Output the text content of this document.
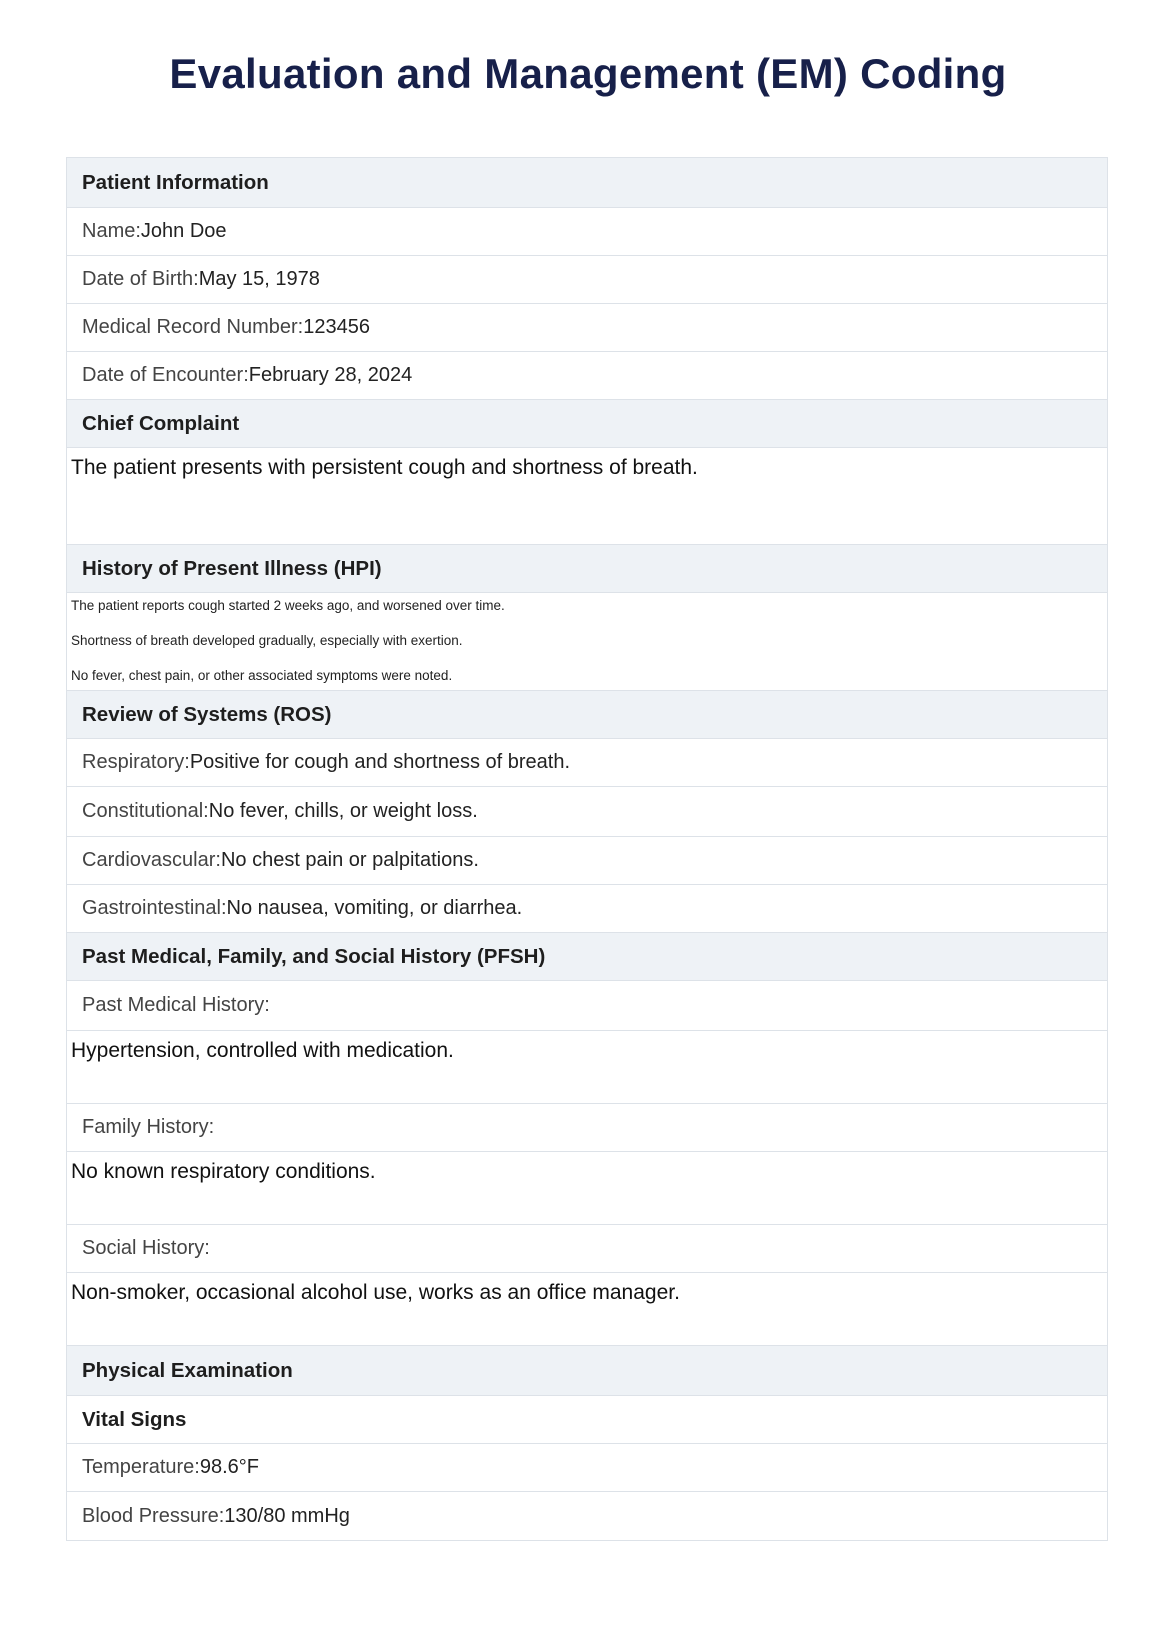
Evaluation and Management (EM) Coding
Patient Information
Name: John Doe
Date of Birth: May 15, 1978
Medical Record Number: 123456
Date of Encounter: February 28, 2024
Chief Complaint
The patient presents with persistent cough and shortness of breath.
History of Present Illness (HPI)
The patient reports cough started 2 weeks ago, and worsened over time.
Shortness of breath developed gradually, especially with exertion.
No fever, chest pain, or other associated symptoms were noted.
Review of Systems (ROS)
Respiratory: Positive for cough and shortness of breath.
Constitutional: No fever, chills, or weight loss.
Cardiovascular: No chest pain or palpitations.
Gastrointestinal: No nausea, vomiting, or diarrhea.
Past Medical, Family, and Social History (PFSH)
Past Medical History:
Hypertension, controlled with medication.
Family History:
No known respiratory conditions.
Social History:
Non-smoker, occasional alcohol use, works as an office manager.
Physical Examination
Vital Signs
Temperature: 98.6°F
Blood Pressure: 130/80 mmHg
